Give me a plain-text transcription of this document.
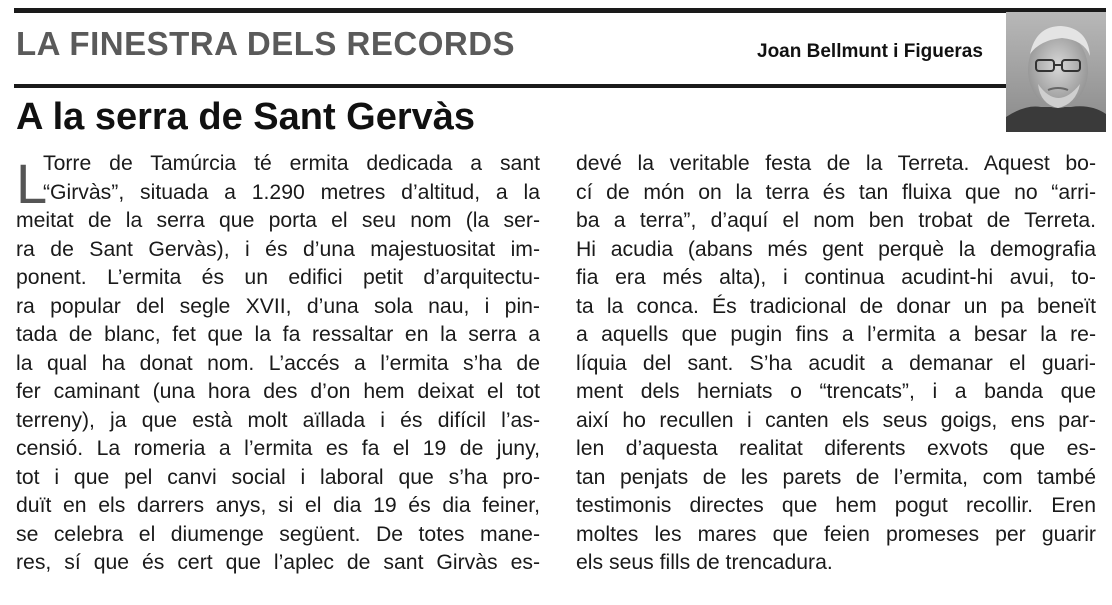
LA FINESTRA DELS RECORDS	Joan Bellmunt i Figueras
A la serra de Sant Gervàs
L
Torre de Tamúrcia té ermita dedicada a sant
“Girvàs”, situada a 1.290 metres d’altitud, a la
meitat de la serra que porta el seu nom (la ser-
ra de Sant Gervàs), i és d’una majestuositat im-
ponent. L’ermita és un edifici petit d’arquitectu-
ra popular del segle XVII, d’una sola nau, i pin-
tada de blanc, fet que la fa ressaltar en la serra a
la qual ha donat nom. L’accés a l’ermita s’ha de
fer caminant (una hora des d’on hem deixat el tot
terreny), ja que està molt aïllada i és difícil l’as-
censió. La romeria a l’ermita es fa el 19 de juny,
tot i que pel canvi social i laboral que s’ha pro-
duït en els darrers anys, si el dia 19 és dia feiner,
se celebra el diumenge següent. De totes mane-
res, sí que és cert que l’aplec de sant Girvàs es-
devé la veritable festa de la Terreta. Aquest bo-
cí de món on la terra és tan fluixa que no “arri-
ba a terra”, d’aquí el nom ben trobat de Terreta.
Hi acudia (abans més gent perquè la demografia
fia era més alta), i continua acudint-hi avui, to-
ta la conca. És tradicional de donar un pa beneït
a aquells que pugin fins a l’ermita a besar la re-
líquia del sant. S’ha acudit a demanar el guari-
ment dels herniats o “trencats”, i a banda que
així ho recullen i canten els seus goigs, ens par-
len d’aquesta realitat diferents exvots que es-
tan penjats de les parets de l’ermita, com també
testimonis directes que hem pogut recollir. Eren
moltes les mares que feien promeses per guarir
els seus fills de trencadura.
